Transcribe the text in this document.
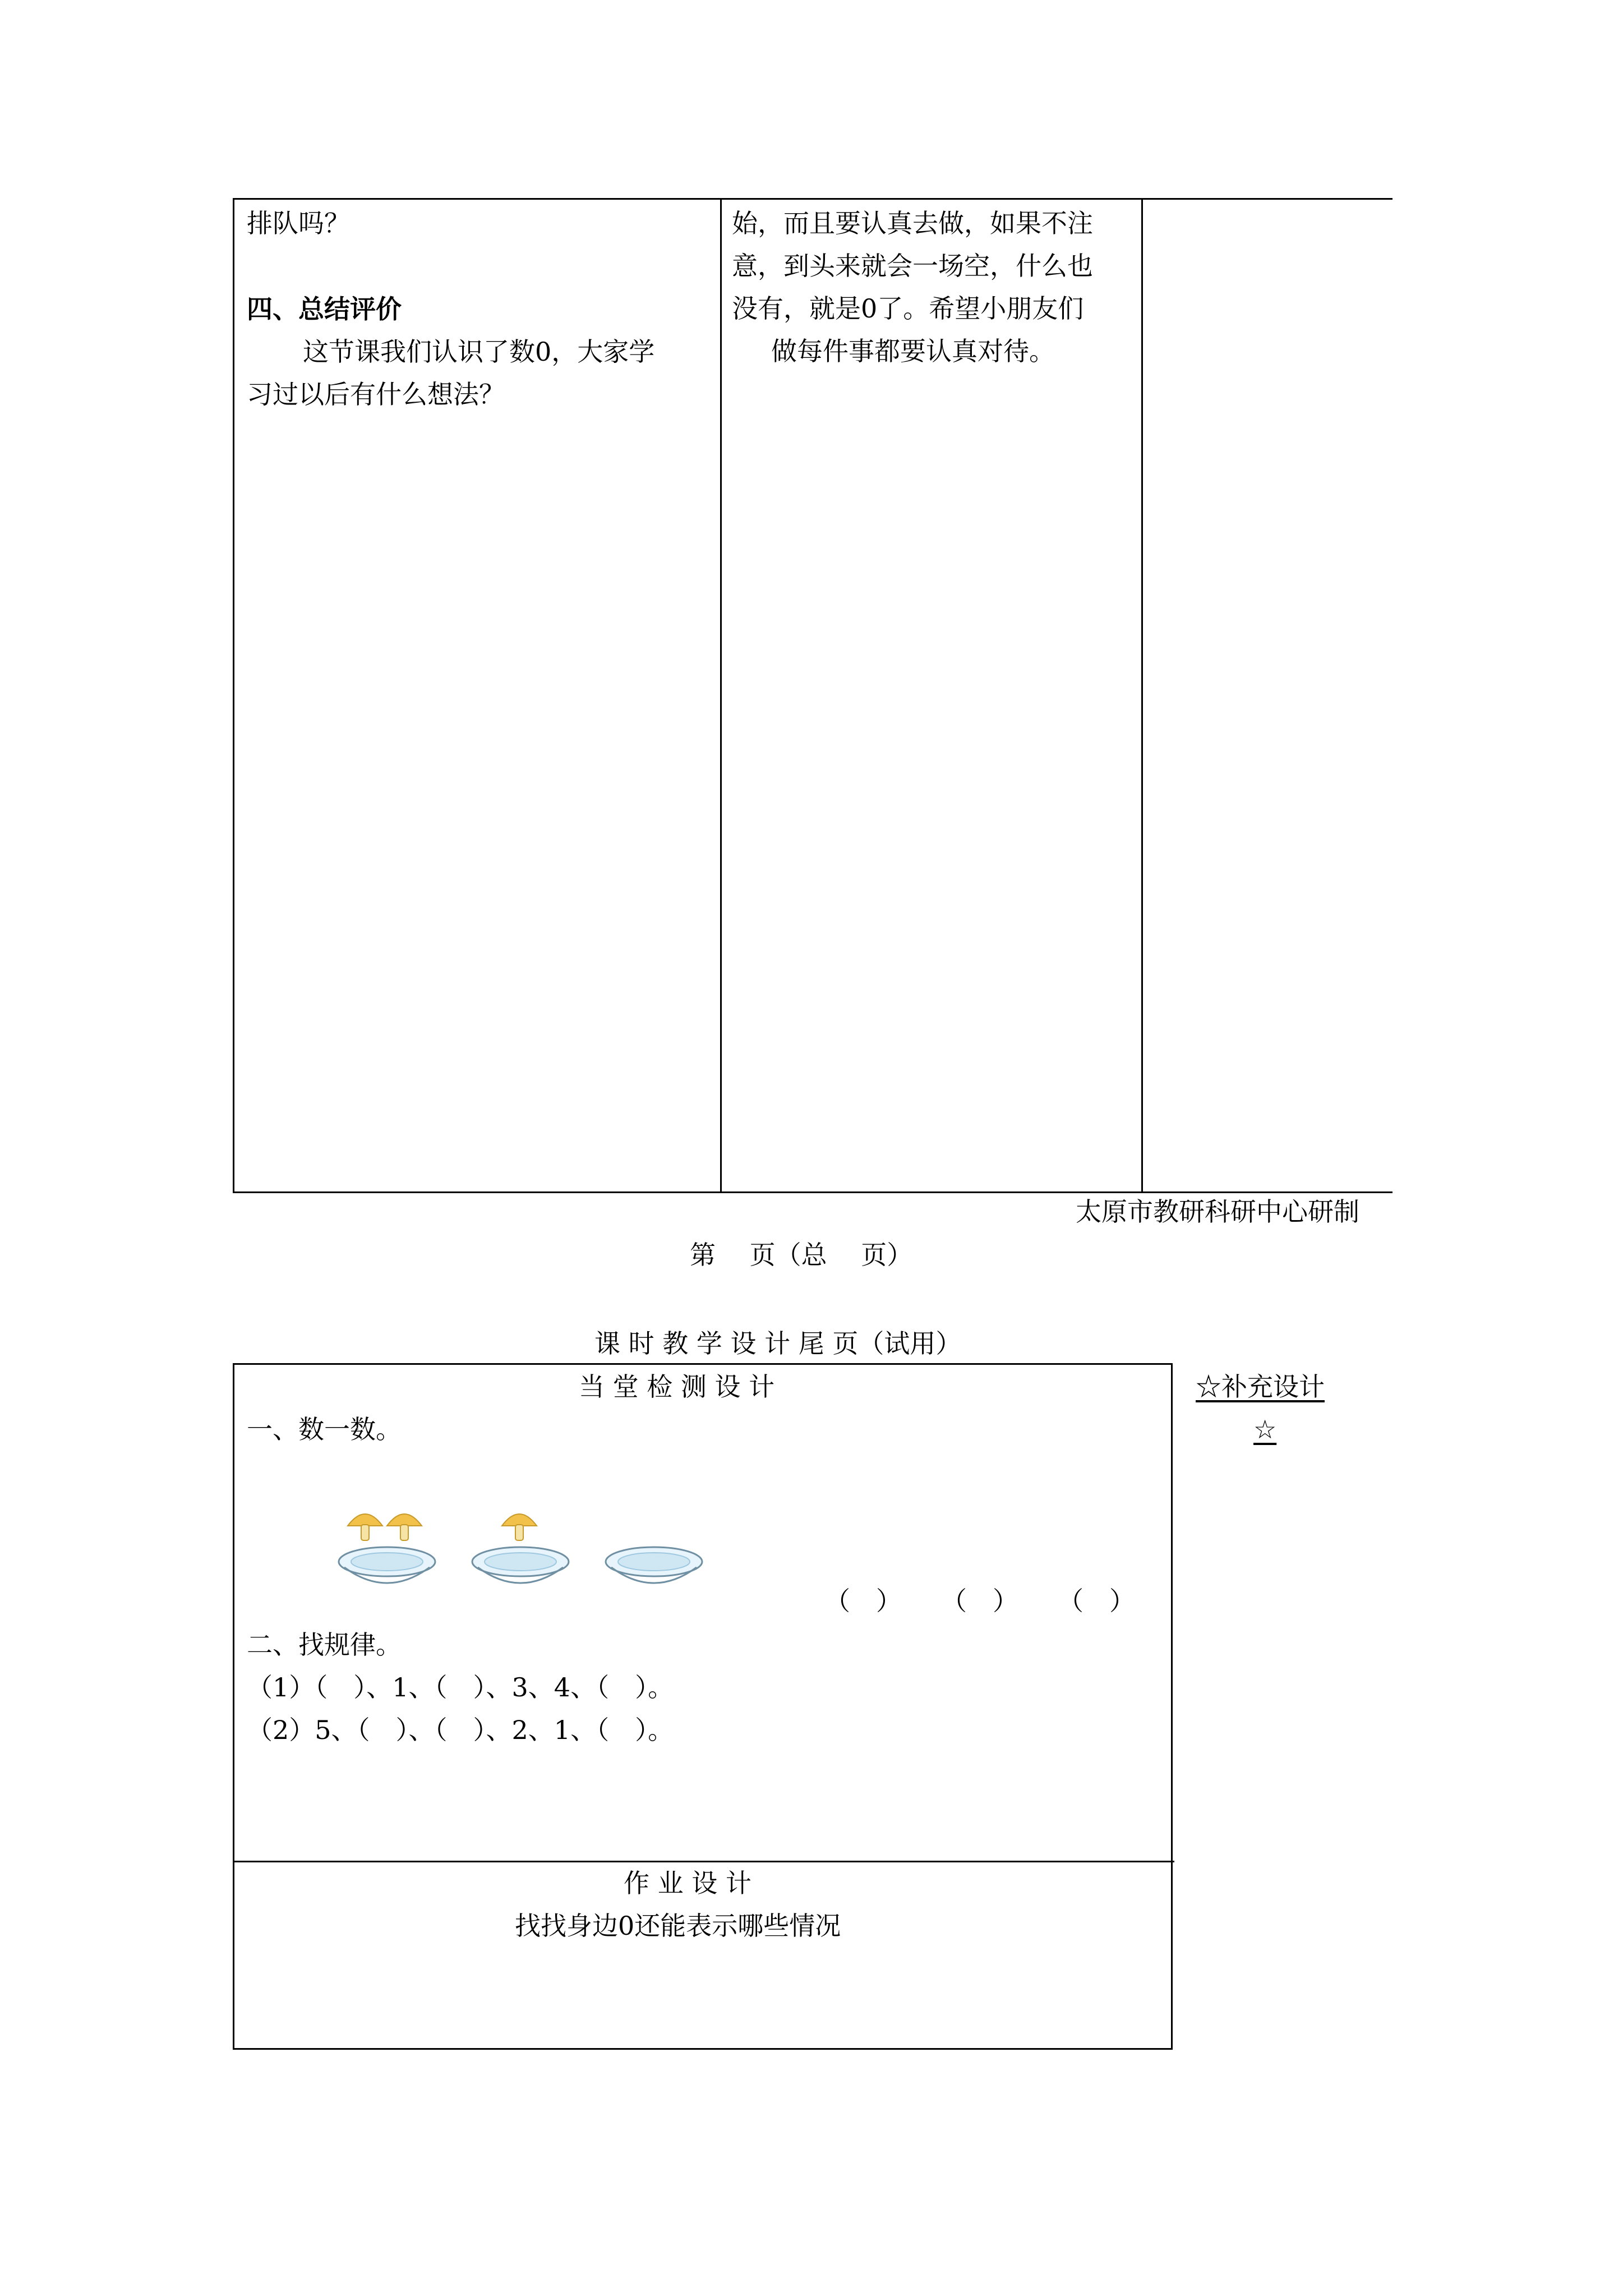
排队吗？
四、总结评价
这节课我们认识了数0，大家学
习过以后有什么想法？
始，而且要认真去做，如果不注
意，到头来就会一场空，什么也
没有，就是0了。希望小朋友们
做每件事都要认真对待。
太原市教研科研中心研制
第　 页（总　 页）
课 时 教 学 设 计 尾 页（试用）
☆补充设计
☆
当 堂 检 测 设 计
一、数一数。
（　） （　） （　）
二、找规律。
（1）（　）、1、（　）、3、4、（　）。
（2）5、（　）、（　）、2、1、（　）。
作 业 设 计
找找身边0还能表示哪些情况
